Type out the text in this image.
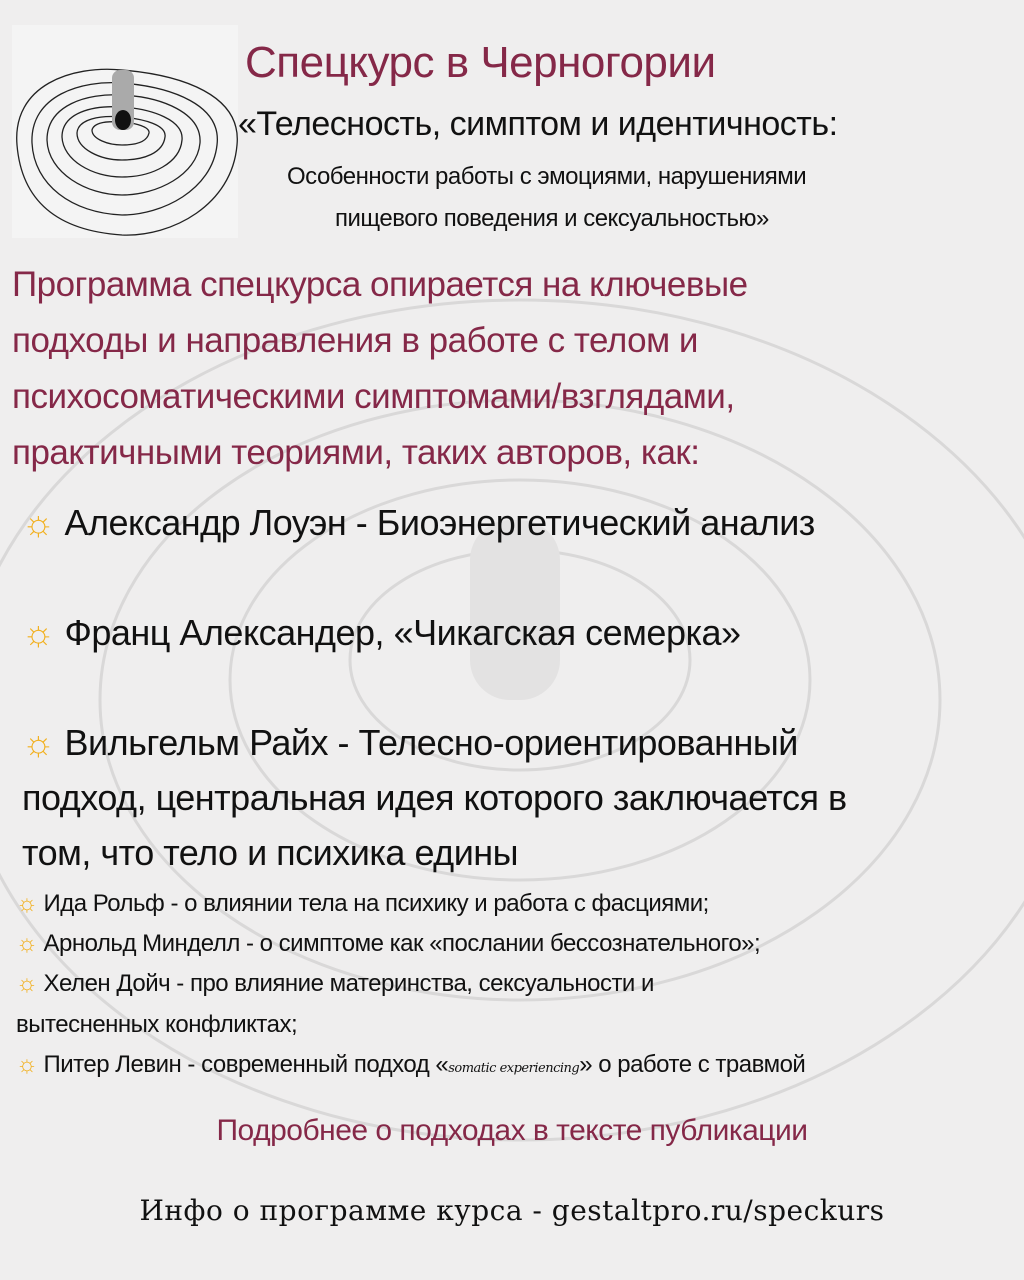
Спецкурс в Черногории
«Телесность, симптом и идентичность:
Особенности работы с эмоциями, нарушениями
пищевого поведения и сексуальностью»
Программа спецкурса опирается на ключевые
подходы и направления в работе с телом и
психосоматическими симптомами/взглядами,
практичными теориями, таких авторов, как:
☼ Александр Лоуэн - Биоэнергетический анализ
☼ Франц Александер, «Чикагская семерка»
☼ Вильгельм Райх - Телесно-ориентированный
подход, центральная идея которого заключается в
том, что тело и психика едины
☼ Ида Рольф - о влиянии тела на психику и работа с фасциями;
☼ Арнольд Минделл - о симптоме как «послании бессознательного»;
☼ Хелен Дойч - про влияние материнства, сексуальности и
вытесненных конфликтах;
☼ Питер Левин - современный подход «somatic experiencing» о работе с травмой
Подробнее о подходах в тексте публикации
Инфо о программе курса - gestaltpro.ru/speckurs
